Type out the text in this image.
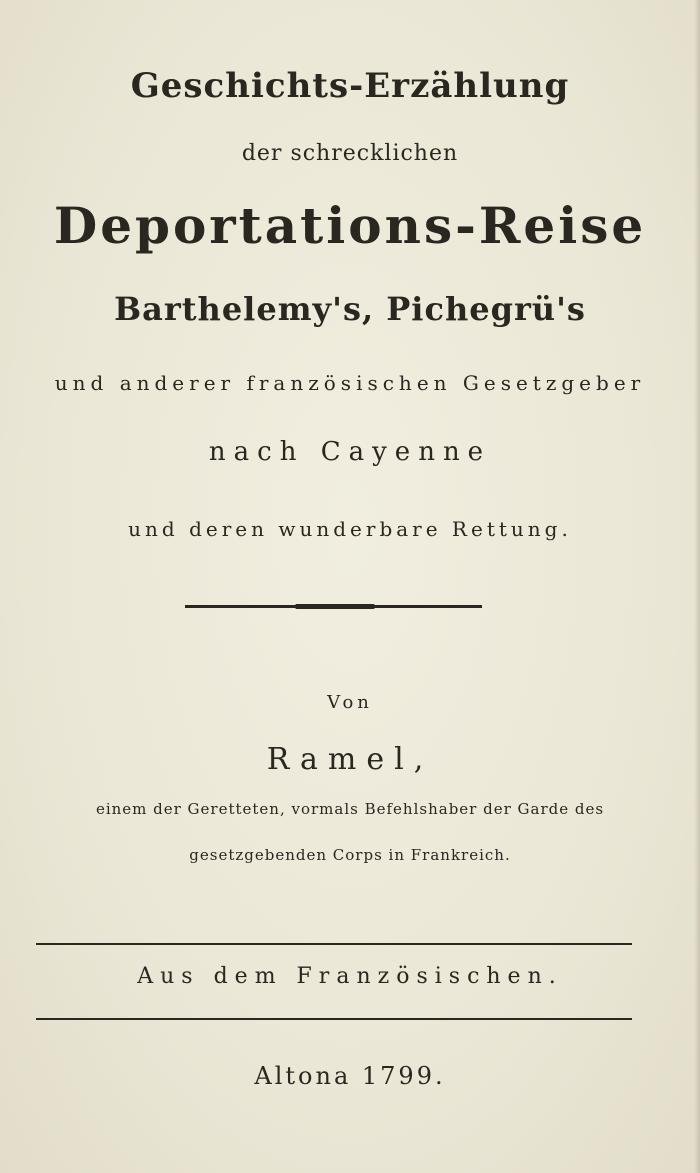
Geschichts-Erzählung
der schrecklichen
Deportations-Reise
Barthelemy's, Pichegrü's
und anderer französischen Gesetzgeber
nach Cayenne
und deren wunderbare Rettung.
Von
Ramel,
einem der Geretteten, vormals Befehlshaber der Garde des
gesetzgebenden Corps in Frankreich.
Aus dem Französischen.
Altona 1799.
